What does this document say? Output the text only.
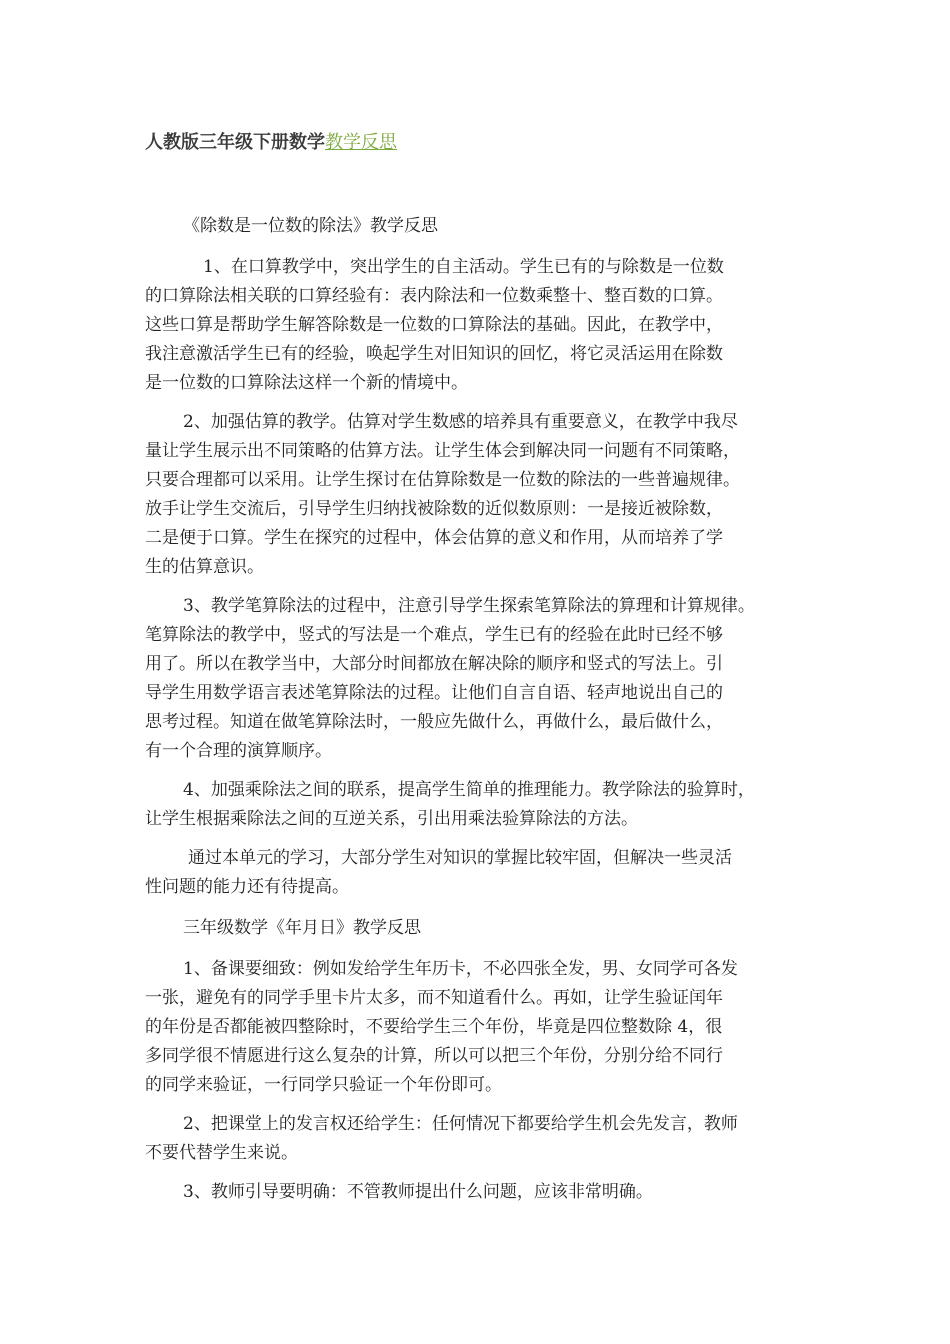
人教版三年级下册数学教学反思
《除数是一位数的除法》教学反思
1、在口算教学中，突出学生的自主活动。学生已有的与除数是一位数
的口算除法相关联的口算经验有：表内除法和一位数乘整十、整百数的口算。
这些口算是帮助学生解答除数是一位数的口算除法的基础。因此，在教学中，
我注意激活学生已有的经验，唤起学生对旧知识的回忆，将它灵活运用在除数
是一位数的口算除法这样一个新的情境中。
2、加强估算的教学。估算对学生数感的培养具有重要意义，在教学中我尽
量让学生展示出不同策略的估算方法。让学生体会到解决同一问题有不同策略，
只要合理都可以采用。让学生探讨在估算除数是一位数的除法的一些普遍规律。
放手让学生交流后，引导学生归纳找被除数的近似数原则：一是接近被除数，
二是便于口算。学生在探究的过程中，体会估算的意义和作用，从而培养了学
生的估算意识。
3、教学笔算除法的过程中，注意引导学生探索笔算除法的算理和计算规律。
笔算除法的教学中，竖式的写法是一个难点，学生已有的经验在此时已经不够
用了。所以在教学当中，大部分时间都放在解决除的顺序和竖式的写法上。引
导学生用数学语言表述笔算除法的过程。让他们自言自语、轻声地说出自己的
思考过程。知道在做笔算除法时，一般应先做什么，再做什么，最后做什么，
有一个合理的演算顺序。
4、加强乘除法之间的联系，提高学生简单的推理能力。教学除法的验算时，
让学生根据乘除法之间的互逆关系，引出用乘法验算除法的方法。
通过本单元的学习，大部分学生对知识的掌握比较牢固，但解决一些灵活
性问题的能力还有待提高。
三年级数学《年月日》教学反思
1、备课要细致：例如发给学生年历卡，不必四张全发，男、女同学可各发
一张，避免有的同学手里卡片太多，而不知道看什么。再如，让学生验证闰年
的年份是否都能被四整除时，不要给学生三个年份，毕竟是四位整数除 4，很
多同学很不情愿进行这么复杂的计算，所以可以把三个年份，分别分给不同行
的同学来验证，一行同学只验证一个年份即可。
2、把课堂上的发言权还给学生：任何情况下都要给学生机会先发言，教师
不要代替学生来说。
3、教师引导要明确：不管教师提出什么问题，应该非常明确。
